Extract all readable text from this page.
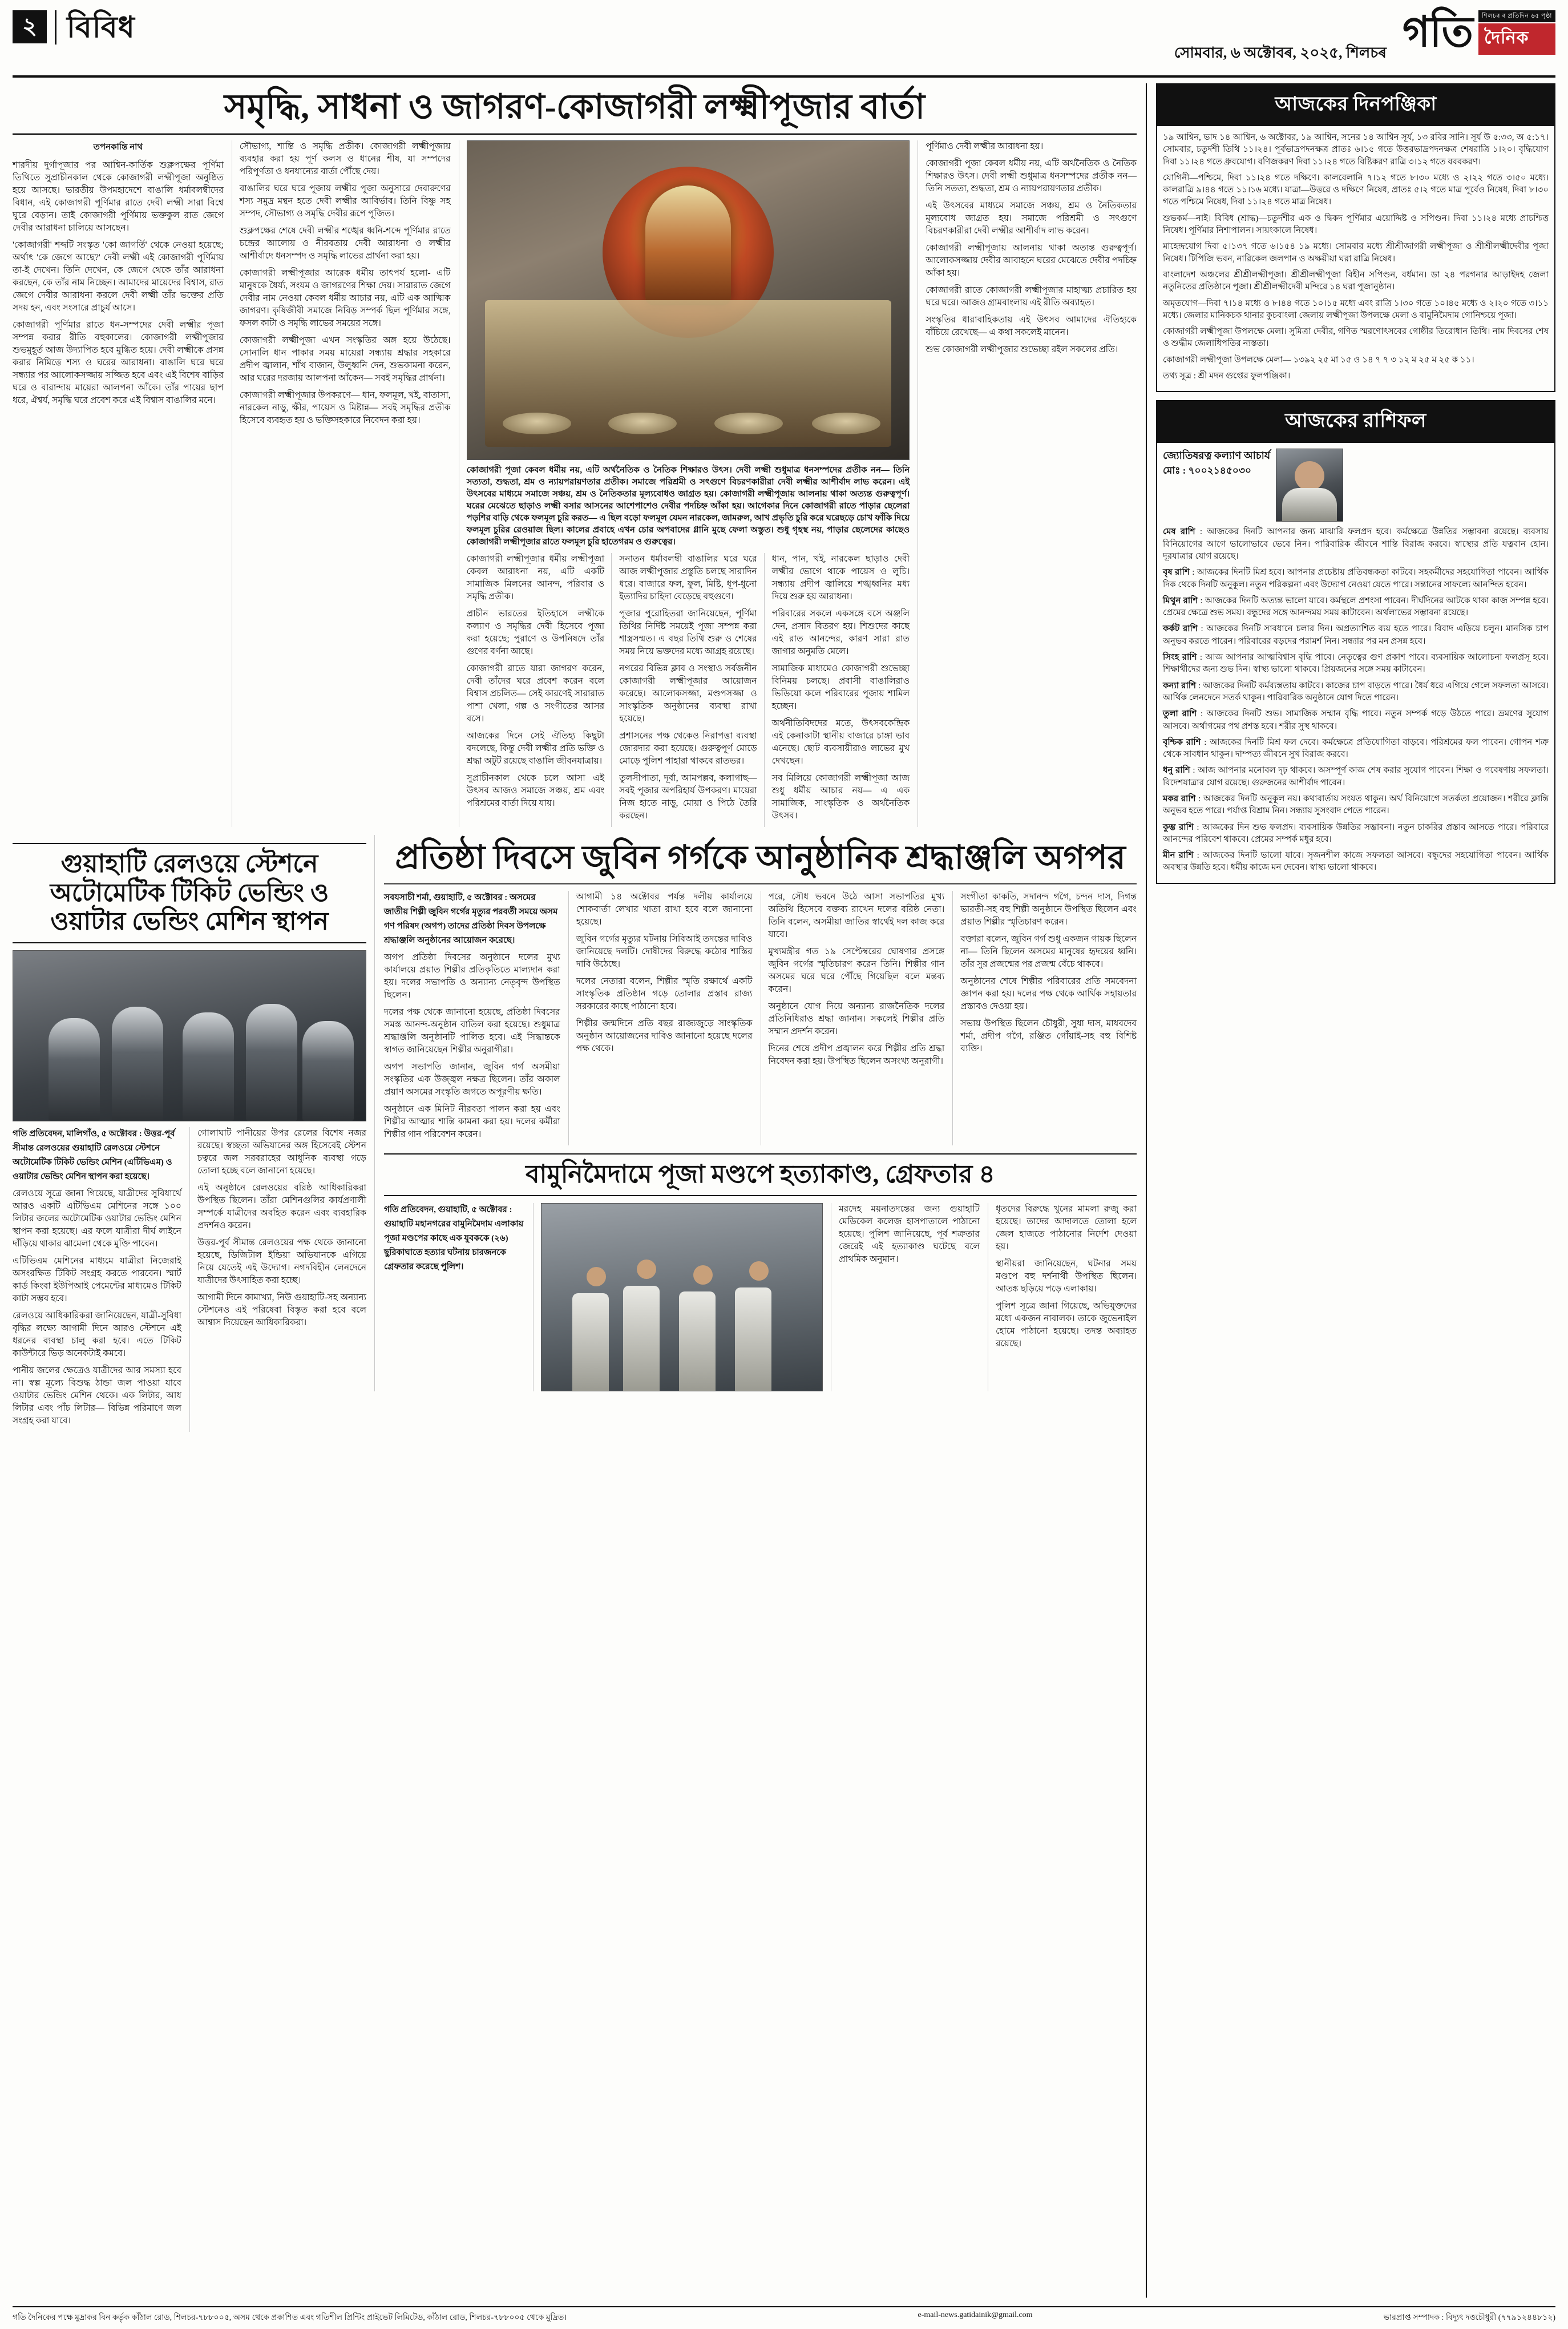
২	বিবিধ
সোমবার, ৬ অক্টোবৰ, ২০২৫, শিলচৰ গতি	শিলচৰ ৰ প্ৰতিদিন ৬৫ পৃষ্ঠা
দৈনিক
সমৃদ্ধি, সাধনা ও জাগরণ-কোজাগরী লক্ষ্মীপূজার বার্তা
তপনকান্তি নাথ

শারদীয় দুর্গাপূজার পর আশ্বিন-কার্তিক শুক্লপক্ষের পূর্ণিমা তিথিতে সুপ্রাচীনকাল থেকে কোজাগরী লক্ষ্মীপূজা অনুষ্ঠিত হয়ে আসছে। ভারতীয় উপমহাদেশে বাঙালি ধর্মাবলম্বীদের বিধান, এই কোজাগরী পূর্ণিমার রাতে দেবী লক্ষ্মী সারা বিশ্বে ঘুরে বেড়ান। তাই কোজাগরী পূর্ণিমায় ভক্তকুল রাত জেগে দেবীর আরাধনা চালিয়ে আসছেন।

'কোজাগরী' শব্দটি সংস্কৃত 'কো জাগর্তি' থেকে নেওয়া হয়েছে; অর্থাৎ 'কে জেগে আছে?' দেবী লক্ষ্মী এই কোজাগরী পূর্ণিমায় তা-ই দেখেন। তিনি দেখেন, কে জেগে থেকে তাঁর আরাধনা করছেন, কে তাঁর নাম নিচ্ছেন। আমাদের মায়েদের বিশ্বাস, রাত জেগে দেবীর আরাধনা করলে দেবী লক্ষ্মী তাঁর ভক্তের প্রতি সদয় হন, এবং সংসারে প্রাচুর্য আসে।

কোজাগরী পূর্ণিমার রাতে ধন-সম্পদের দেবী লক্ষ্মীর পূজা সম্পন্ন করার রীতি বহুকালের। কোজাগরী লক্ষ্মীপূজার শুভমুহূর্ত আজ উদ্যাপিত হবে মুগ্ধিত হয়ে। দেবী লক্ষ্মীকে প্রসন্ন করার নিমিত্তে শস্য ও ঘরের আরাধনা। বাঙালি ঘরে ঘরে সন্ধ্যার পর আলোকসজ্জায় সজ্জিত হবে এবং এই বিশেষ বাড়ির ঘরে ও বারান্দায় মায়েরা আলপনা আঁকে। তাঁর পায়ের ছাপ ধরে, ঐশ্বর্য, সমৃদ্ধি ঘরে প্রবেশ করে এই বিশ্বাস বাঙালির মনে।

সৌভাগ্য, শান্তি ও সমৃদ্ধি প্রতীক। কোজাগরী লক্ষ্মীপূজায় ব্যবহার করা হয় পূর্ণ কলস ও ধানের শীষ, যা সম্পদের পরিপূর্ণতা ও ধনধান্যের বার্তা পৌঁছে দেয়।

বাঙালির ঘরে ঘরে পূজায় লক্ষ্মীর পূজা অনুসারে দেবারুণের শস্য সমুদ্র মন্থন হতে দেবী লক্ষ্মীর আবির্ভাব। তিনি বিষ্ণু সহ সম্পদ, সৌভাগ্য ও সমৃদ্ধি দেবীর রূপে পূজিত।

শুক্লপক্ষের শেষে দেবী লক্ষ্মীর শঙ্খের ধ্বনি-শব্দে পূর্ণিমার রাতে চন্দ্রের আলোয় ও নীরবতায় দেবী আরাধনা ও লক্ষ্মীর আশীর্বাদে ধনসম্পদ ও সমৃদ্ধি লাভের প্রার্থনা করা হয়।

কোজাগরী লক্ষ্মীপূজার আরেক ধর্মীয় তাৎপর্য হলো- এটি মানুষকে ধৈর্য্য, সংযম ও জাগরণের শিক্ষা দেয়। সারারাত জেগে দেবীর নাম নেওয়া কেবল ধর্মীয় আচার নয়, এটি এক আত্মিক জাগরণ। কৃষিজীবী সমাজে নিবিড় সম্পর্ক ছিল পূর্ণিমার সঙ্গে, ফসল কাটা ও সমৃদ্ধি লাভের সময়ের সঙ্গে।

কোজাগরী লক্ষ্মীপূজা এখন সংস্কৃতির অঙ্গ হয়ে উঠেছে। সোনালি ধান পাকার সময় মায়েরা সন্ধ্যায় শ্রদ্ধার সহকারে প্রদীপ জ্বালান, শাঁখ বাজান, উলুধ্বনি দেন, শুভকামনা করেন, আর ঘরের দরজায় আলপনা আঁকেন— সবই সমৃদ্ধির প্রার্থনা।

কোজাগরী লক্ষ্মীপূজার উপকরণে— ধান, ফলমূল, খই, বাতাসা, নারকেল নাড়ু, ক্ষীর, পায়েস ও মিষ্টান্ন— সবই সমৃদ্ধির প্রতীক হিসেবে ব্যবহৃত হয় ও ভক্তিসহকারে নিবেদন করা হয়।

কোজাগরী পূজা কেবল ধর্মীয় নয়, এটি অর্থনৈতিক ও নৈতিক শিক্ষারও উৎস। দেবী লক্ষ্মী শুধুমাত্র ধনসম্পদের প্রতীক নন— তিনি সত্যতা, শুদ্ধতা, শ্রম ও ন্যায়পরায়ণতার প্রতীক। সমাজে পরিশ্রমী ও সৎগুণে বিচরণকারীরা দেবী লক্ষ্মীর আশীর্বাদ লাভ করেন। এই উৎসবের মাধ্যমে সমাজে সঞ্চয়, শ্রম ও নৈতিকতার মূল্যবোধও জাগ্রত হয়। কোজাগরী লক্ষ্মীপূজায় আলনায় থাকা অত্যন্ত গুরুত্বপূর্ণ। ঘরের মেঝেতে ছাড়াও লক্ষ্মী বসার আসনের আশেপাশেও দেবীর পদচিহ্ন আঁকা হয়। আগেকার দিনে কোজাগরী রাতে পাড়ার ছেলেরা পড়শির বাড়ি থেকে ফলমূল চুরি করত— এ ছিল বড়ো ফলমূল যেমন নারকেল, জামরুল, আখ প্রভৃতি চুরি করে ঘরেছড়ে চোখ ফাঁকি দিয়ে ফলমূল চুরির রেওয়াজ ছিল। কালের প্রবাহে এখন চোর অপবাদের গ্লানি মুছে ফেলা অস্তুত। শুধু গৃহস্থ নয়, পাড়ার ছেলেদের কাছেও কোজাগরী লক্ষ্মীপূজার রাতে ফলমূল চুরি হাতেগরম ও গুরুত্বের।

কোজাগরী লক্ষ্মীপূজার ধর্মীয় লক্ষ্মীপূজা কেবল আরাধনা নয়, এটি একটি সামাজিক মিলনের আনন্দ, পরিবার ও সমৃদ্ধি প্রতীক।

প্রাচীন ভারতের ইতিহাসে লক্ষ্মীকে কল্যাণ ও সমৃদ্ধির দেবী হিসেবে পূজা করা হয়েছে; পুরাণে ও উপনিষদে তাঁর গুণের বর্ণনা আছে।

কোজাগরী রাতে যারা জাগরণ করেন, দেবী তাঁদের ঘরে প্রবেশ করেন বলে বিশ্বাস প্রচলিত— সেই কারণেই সারারাত পাশা খেলা, গল্প ও সংগীতের আসর বসে।

আজকের দিনে সেই ঐতিহ্য কিছুটা বদলেছে, কিন্তু দেবী লক্ষ্মীর প্রতি ভক্তি ও শ্রদ্ধা অটুট রয়েছে বাঙালি জীবনযাত্রায়।

সুপ্রাচীনকাল থেকে চলে আসা এই উৎসব আজও সমাজে সঞ্চয়, শ্রম এবং পরিশ্রমের বার্তা দিয়ে যায়।

সনাতন ধর্মাবলম্বী বাঙালির ঘরে ঘরে আজ লক্ষ্মীপূজার প্রস্তুতি চলছে সারাদিন ধরে। বাজারে ফল, ফুল, মিষ্টি, ধূপ-ধুনো ইত্যাদির চাহিদা বেড়েছে বহুগুণে।

পূজার পুরোহিতরা জানিয়েছেন, পূর্ণিমা তিথির নির্দিষ্ট সময়েই পূজা সম্পন্ন করা শাস্ত্রসম্মত। এ বছর তিথি শুরু ও শেষের সময় নিয়ে ভক্তদের মধ্যে আগ্রহ রয়েছে।

নগরের বিভিন্ন ক্লাব ও সংস্থাও সর্বজনীন কোজাগরী লক্ষ্মীপূজার আয়োজন করেছে। আলোকসজ্জা, মণ্ডপসজ্জা ও সাংস্কৃতিক অনুষ্ঠানের ব্যবস্থা রাখা হয়েছে।

প্রশাসনের পক্ষ থেকেও নিরাপত্তা ব্যবস্থা জোরদার করা হয়েছে। গুরুত্বপূর্ণ মোড়ে মোড়ে পুলিশ পাহারা থাকবে রাতভর।

তুলসীপাতা, দূর্বা, আমপল্লব, কলাগাছ— সবই পূজার অপরিহার্য উপকরণ। মায়েরা নিজ হাতে নাড়ু, মোয়া ও পিঠে তৈরি করছেন।

ধান, পান, খই, নারকেল ছাড়াও দেবী লক্ষ্মীর ভোগে থাকে পায়েস ও লুচি। সন্ধ্যায় প্রদীপ জ্বালিয়ে শঙ্খধ্বনির মধ্য দিয়ে শুরু হয় আরাধনা।

পরিবারের সকলে একসঙ্গে বসে অঞ্জলি দেন, প্রসাদ বিতরণ হয়। শিশুদের কাছে এই রাত আনন্দের, কারণ সারা রাত জাগার অনুমতি মেলে।

সামাজিক মাধ্যমেও কোজাগরী শুভেচ্ছা বিনিময় চলছে। প্রবাসী বাঙালিরাও ভিডিয়ো কলে পরিবারের পূজায় শামিল হচ্ছেন।

অর্থনীতিবিদদের মতে, উৎসবকেন্দ্রিক এই কেনাকাটা স্থানীয় বাজারে চাঙ্গা ভাব এনেছে। ছোট ব্যবসায়ীরাও লাভের মুখ দেখছেন।

সব মিলিয়ে কোজাগরী লক্ষ্মীপূজা আজ শুধু ধর্মীয় আচার নয়— এ এক সামাজিক, সাংস্কৃতিক ও অর্থনৈতিক উৎসব।

পূর্ণিমাও দেবী লক্ষ্মীর আরাধনা হয়।

কোজাগরী পূজা কেবল ধর্মীয় নয়, এটি অর্থনৈতিক ও নৈতিক শিক্ষারও উৎস। দেবী লক্ষ্মী শুধুমাত্র ধনসম্পদের প্রতীক নন— তিনি সততা, শুদ্ধতা, শ্রম ও ন্যায়পরায়ণতার প্রতীক।

এই উৎসবের মাধ্যমে সমাজে সঞ্চয়, শ্রম ও নৈতিকতার মূল্যবোধ জাগ্রত হয়। সমাজে পরিশ্রমী ও সৎগুণে বিচরণকারীরা দেবী লক্ষ্মীর আশীর্বাদ লাভ করেন।

কোজাগরী লক্ষ্মীপূজায় আলনায় থাকা অত্যন্ত গুরুত্বপূর্ণ। আলোকসজ্জায় দেবীর আবাহনে ঘরের মেঝেতে দেবীর পদচিহ্ন আঁকা হয়।

কোজাগরী রাতে কোজাগরী লক্ষ্মীপূজার মাহাত্ম্য প্রচারিত হয় ঘরে ঘরে। আজও গ্রামবাংলায় এই রীতি অব্যাহত।

সংস্কৃতির ধারাবাহিকতায় এই উৎসব আমাদের ঐতিহ্যকে বাঁচিয়ে রেখেছে— এ কথা সকলেই মানেন।

শুভ কোজাগরী লক্ষ্মীপূজার শুভেচ্ছা রইল সকলের প্রতি।

গুয়াহাটি রেলওয়ে স্টেশনে অটোমেটিক টিকিট ভেন্ডিং ও ওয়াটার ভেন্ডিং মেশিন স্থাপন
গতি প্রতিবেদন, মালিগাঁও, ৫ অক্টোবর : উত্তর-পূর্ব সীমান্ত রেলওয়ের গুয়াহাটি রেলওয়ে স্টেশনে অটোমেটিক টিকিট ভেন্ডিং মেশিন (এটিভিএম) ও ওয়াটার ভেন্ডিং মেশিন স্থাপন করা হয়েছে।

রেলওয়ে সূত্রে জানা গিয়েছে, যাত্রীদের সুবিধার্থে আরও একটি এটিভিএম মেশিনের সঙ্গে ১০০ লিটার জলের অটোমেটিক ওয়াটার ভেন্ডিং মেশিন স্থাপন করা হয়েছে। এর ফলে যাত্রীরা দীর্ঘ লাইনে দাঁড়িয়ে থাকার ঝামেলা থেকে মুক্তি পাবেন।

এটিভিএম মেশিনের মাধ্যমে যাত্রীরা নিজেরাই অসংরক্ষিত টিকিট সংগ্রহ করতে পারবেন। স্মার্ট কার্ড কিংবা ইউপিআই পেমেন্টের মাধ্যমেও টিকিট কাটা সম্ভব হবে।

রেলওয়ে আধিকারিকরা জানিয়েছেন, যাত্রী-সুবিধা বৃদ্ধির লক্ষ্যে আগামী দিনে আরও স্টেশনে এই ধরনের ব্যবস্থা চালু করা হবে। এতে টিকিট কাউন্টারে ভিড় অনেকটাই কমবে।

পানীয় জলের ক্ষেত্রেও যাত্রীদের আর সমস্যা হবে না। স্বল্প মূল্যে বিশুদ্ধ ঠান্ডা জল পাওয়া যাবে ওয়াটার ভেন্ডিং মেশিন থেকে। এক লিটার, আধ লিটার এবং পাঁচ লিটার— বিভিন্ন পরিমাণে জল সংগ্রহ করা যাবে।

গোলাঘাট পানীয়ের উপর রেলের বিশেষ নজর রয়েছে। স্বচ্ছতা অভিযানের অঙ্গ হিসেবেই স্টেশন চত্বরে জল সরবরাহের আধুনিক ব্যবস্থা গড়ে তোলা হচ্ছে বলে জানানো হয়েছে।

এই অনুষ্ঠানে রেলওয়ের বরিষ্ঠ আধিকারিকরা উপস্থিত ছিলেন। তাঁরা মেশিনগুলির কার্যপ্রণালী সম্পর্কে যাত্রীদের অবহিত করেন এবং ব্যবহারিক প্রদর্শনও করেন।

উত্তর-পূর্ব সীমান্ত রেলওয়ের পক্ষ থেকে জানানো হয়েছে, ডিজিটাল ইন্ডিয়া অভিযানকে এগিয়ে নিয়ে যেতেই এই উদ্যোগ। নগদবিহীন লেনদেনে যাত্রীদের উৎসাহিত করা হচ্ছে।

আগামী দিনে কামাখ্যা, নিউ গুয়াহাটি-সহ অন্যান্য স্টেশনেও এই পরিষেবা বিস্তৃত করা হবে বলে আশ্বাস দিয়েছেন আধিকারিকরা।

প্রতিষ্ঠা দিবসে জুবিন গর্গকে আনুষ্ঠানিক শ্রদ্ধাঞ্জলি অগপর
সবযসাচী শর্মা, গুয়াহাটি, ৫ অক্টোবর : অসমের জাতীয় শিল্পী জুবিন গর্গের মৃত্যুর পরবর্তী সময়ে অসম গণ পরিষদ (অগপ) তাদের প্রতিষ্ঠা দিবস উপলক্ষে শ্রদ্ধাঞ্জলি অনুষ্ঠানের আয়োজন করেছে।

অগপ প্রতিষ্ঠা দিবসের অনুষ্ঠানে দলের মুখ্য কার্যালয়ে প্রয়াত শিল্পীর প্রতিকৃতিতে মাল্যদান করা হয়। দলের সভাপতি ও অন্যান্য নেতৃবৃন্দ উপস্থিত ছিলেন।

দলের পক্ষ থেকে জানানো হয়েছে, প্রতিষ্ঠা দিবসের সমস্ত আনন্দ-অনুষ্ঠান বাতিল করা হয়েছে। শুধুমাত্র শ্রদ্ধাঞ্জলি অনুষ্ঠানটি পালিত হবে। এই সিদ্ধান্তকে স্বাগত জানিয়েছেন শিল্পীর অনুরাগীরা।

অগপ সভাপতি জানান, জুবিন গর্গ অসমীয়া সংস্কৃতির এক উজ্জ্বল নক্ষত্র ছিলেন। তাঁর অকাল প্রয়াণ অসমের সংস্কৃতি জগতে অপূরণীয় ক্ষতি।

অনুষ্ঠানে এক মিনিট নীরবতা পালন করা হয় এবং শিল্পীর আত্মার শান্তি কামনা করা হয়। দলের কর্মীরা শিল্পীর গান পরিবেশন করেন।

আগামী ১৪ অক্টোবর পর্যন্ত দলীয় কার্যালয়ে শোকবার্তা লেখার খাতা রাখা হবে বলে জানানো হয়েছে।

জুবিন গর্গের মৃত্যুর ঘটনায় সিবিআই তদন্তের দাবিও জানিয়েছে দলটি। দোষীদের বিরুদ্ধে কঠোর শাস্তির দাবি উঠেছে।

দলের নেতারা বলেন, শিল্পীর স্মৃতি রক্ষার্থে একটি সাংস্কৃতিক প্রতিষ্ঠান গড়ে তোলার প্রস্তাব রাজ্য সরকারের কাছে পাঠানো হবে।

শিল্পীর জন্মদিনে প্রতি বছর রাজ্যজুড়ে সাংস্কৃতিক অনুষ্ঠান আয়োজনের দাবিও জানানো হয়েছে দলের পক্ষ থেকে।

পরে, সৌধ ভবনে উঠে আসা সভাপতির মুখ্য অতিথি হিসেবে বক্তব্য রাখেন দলের বরিষ্ঠ নেতা। তিনি বলেন, অসমীয়া জাতির স্বার্থেই দল কাজ করে যাবে।

মুখ্যমন্ত্রীর গত ১৯ সেপ্টেম্বরের ঘোষণার প্রসঙ্গে জুবিন গর্গের স্মৃতিচারণ করেন তিনি। শিল্পীর গান অসমের ঘরে ঘরে পৌঁছে গিয়েছিল বলে মন্তব্য করেন।

অনুষ্ঠানে যোগ দিয়ে অন্যান্য রাজনৈতিক দলের প্রতিনিধিরাও শ্রদ্ধা জানান। সকলেই শিল্পীর প্রতি সম্মান প্রদর্শন করেন।

দিনের শেষে প্রদীপ প্রজ্বালন করে শিল্পীর প্রতি শ্রদ্ধা নিবেদন করা হয়। উপস্থিত ছিলেন অসংখ্য অনুরাগী।

সংগীতা কাকতি, সদানন্দ গগৈ, চন্দন দাস, দিগন্ত ভারতী-সহ বহু শিল্পী অনুষ্ঠানে উপস্থিত ছিলেন এবং প্রয়াত শিল্পীর স্মৃতিচারণ করেন।

বক্তারা বলেন, জুবিন গর্গ শুধু একজন গায়ক ছিলেন না— তিনি ছিলেন অসমের মানুষের হৃদয়ের ধ্বনি। তাঁর সুর প্রজন্মের পর প্রজন্ম বেঁচে থাকবে।

অনুষ্ঠানের শেষে শিল্পীর পরিবারের প্রতি সমবেদনা জ্ঞাপন করা হয়। দলের পক্ষ থেকে আর্থিক সহায়তার প্রস্তাবও দেওয়া হয়।

সভায় উপস্থিত ছিলেন চৌধুরী, সুধা দাস, মাধবদেব শর্মা, প্রদীপ গগৈ, রঞ্জিত গোঁয়াই-সহ বহু বিশিষ্ট ব্যক্তি।

বামুনিমৈদামে পূজা মণ্ডপে হত্যাকাণ্ড, গ্রেফতার ৪
গতি প্রতিবেদন, গুয়াহাটি, ৫ অক্টোবর : গুয়াহাটি মহানগরের বামুনিমৈদাম এলাকায় পূজা মণ্ডপের কাছে এক যুবককে (২৬) ছুরিকাঘাতে হত্যার ঘটনায় চারজনকে গ্রেফতার করেছে পুলিশ।

মরদেহ ময়নাতদন্তের জন্য গুয়াহাটি মেডিকেল কলেজ হাসপাতালে পাঠানো হয়েছে। পুলিশ জানিয়েছে, পূর্ব শত্রুতার জেরেই এই হত্যাকাণ্ড ঘটেছে বলে প্রাথমিক অনুমান।

ধৃতদের বিরুদ্ধে খুনের মামলা রুজু করা হয়েছে। তাদের আদালতে তোলা হলে জেল হাজতে পাঠানোর নির্দেশ দেওয়া হয়।

স্থানীয়রা জানিয়েছেন, ঘটনার সময় মণ্ডপে বহু দর্শনার্থী উপস্থিত ছিলেন। আতঙ্ক ছড়িয়ে পড়ে এলাকায়।

পুলিশ সূত্রে জানা গিয়েছে, অভিযুক্তদের মধ্যে একজন নাবালক। তাকে জুভেনাইল হোমে পাঠানো হয়েছে। তদন্ত অব্যাহত রয়েছে।

আজকের দিনপঞ্জিকা

১৯ আশ্বিন, ভাদ ১৪ আশ্বিন, ৬ অক্টোবর, ১৯ আশ্বিন, সনের ১৪ আশ্বিন সূর্য, ১৩ রবির সানি। সূর্য উ ৫:৩৩, অ ৫:১৭। সোমবার, চতুর্দশী তিথি ১১।২৪। পূর্বভাদ্রপদনক্ষত্র প্রাতঃ ৬।১৫ গতে উত্তরভাদ্রপদনক্ষত্র শেষরাত্রি ১।২০। বৃদ্ধিযোগ দিবা ১১।২৪ গতে ধ্রুবযোগ। বণিজকরণ দিবা ১১।২৪ গতে বিষ্টিকরণ রাত্রি ৩।১২ গতে বববকরণ।

যোগিনী—পশ্চিমে, দিবা ১১।২৪ গতে দক্ষিণে। কালবেলানি ৭।১২ গতে ৮।৩০ মধ্যে ও ২।২২ গতে ৩।৫০ মধ্যে। কালরাত্রি ৯।৪৪ গতে ১১।১৬ মধ্যে। যাত্রা—উত্তরে ও দক্ষিণে নিষেধ, প্রাতঃ ৫।২ গতে মাত্র পূর্বেও নিষেধ, দিবা ৮।৩০ গতে পশ্চিমে নিষেধ, দিবা ১১।২৪ গতে মাত্র নিষেধ।

শুভকর্ম—নাই। বিবিধ (শ্রাদ্ধ)—চতুর্দশীর এক ও দ্বিকদ পূর্ণিমার এয়োদ্দিষ্ট ও সপিণ্ডন। দিবা ১১।২৪ মধ্যে প্রাচশ্চিত্ত নিষেধ। পূর্ণিমার নিশাপালন। সায়ংকালে নিষেধ।

মাহেন্দ্রযোগ দিবা ৫।১৩৭ গতে ৬।১৫৪ ১৯ মধ্যে। সোমবার মধ্যে শ্রীশ্রীজাগরী লক্ষ্মীপূজা ও শ্রীশ্রীলক্ষ্মীদেবীর পূজা নিষেধ। টিপিজি ভবন, নারিকেল জলপান ও অক্ষয়ীয়া ঘরা রাত্রি নিষেধ।

বাংলাদেশ অঞ্চলের শ্রীশ্রীলক্ষ্মীপূজা। শ্রীশ্রীলক্ষ্মীপূজা বিহীন সপিণ্ডন, বর্ধমান। ডা ২৪ পরগনার আড়াইদহ জেলা নতুনিতের প্রতিষ্ঠানে পূজা। শ্রীশ্রীলক্ষ্মীদেবী মন্দিরে ১৪ ঘরা পূজানুষ্ঠান।

অমৃতযোগ—দিবা ৭।১৪ মধ্যে ও ৮।৪৪ গতে ১০।১৫ মধ্যে এবং রাত্রি ১।৩০ গতে ১০।৪৫ মধ্যে ও ২।২০ গতে ৩।১১ মধ্যে। জেলার মানিকচক থানার কুচবাংলা জেলায় লক্ষ্মীপূজা উপলক্ষে মেলা ও বামুনিমৈদাম গোনিশ্চয়ে পূজা।

কোজাগরী লক্ষ্মীপূজা উপলক্ষে মেলা। সুমিত্রা দেবীর, গণিত স্মরণোৎসবের গোষ্ঠীর তিরোধান তিথি। নাম দিবসের শেষ ও শুদ্ধীম জেলাধিপতির ন্যস্ততা।

কোজাগরী লক্ষ্মীপূজা উপলক্ষে মেলা— ১৩৯২ ২৫ মা ১৫ ও ১৪ ৭ ৭ ৩ ১২ ম ২৫ ম ২৫ ক ১১।

তথ্য সূত্র : শ্রী মদন গুপ্তের ফুলপঞ্জিকা।

আজকের রাশিফল
জ্যোতিষরত্ন কল্যাণ আচার্য
মোঃ : ৭০০২১৪৫০৩০

মেষ রাশি : আজকের দিনটি আপনার জন্য মাঝারি ফলপ্রদ হবে। কর্মক্ষেত্রে উন্নতির সম্ভাবনা রয়েছে। ব্যবসায় বিনিয়োগের আগে ভালোভাবে ভেবে নিন। পারিবারিক জীবনে শান্তি বিরাজ করবে। স্বাস্থ্যের প্রতি যত্নবান হোন। দূরযাত্রার যোগ রয়েছে।

বৃষ রাশি : আজকের দিনটি মিশ্র হবে। আপনার প্রচেষ্টায় প্রতিবন্ধকতা কাটবে। সহকর্মীদের সহযোগিতা পাবেন। আর্থিক দিক থেকে দিনটি অনুকূল। নতুন পরিকল্পনা এবং উদ্যোগ নেওয়া যেতে পারে। সন্তানের সাফল্যে আনন্দিত হবেন।

মিথুন রাশি : আজকের দিনটি অত্যন্ত ভালো যাবে। কর্মস্থলে প্রশংসা পাবেন। দীর্ঘদিনের আটকে থাকা কাজ সম্পন্ন হবে। প্রেমের ক্ষেত্রে শুভ সময়। বন্ধুদের সঙ্গে আনন্দময় সময় কাটাবেন। অর্থলাভের সম্ভাবনা রয়েছে।

কর্কট রাশি : আজকের দিনটি সাবধানে চলার দিন। অপ্রত্যাশিত ব্যয় হতে পারে। বিবাদ এড়িয়ে চলুন। মানসিক চাপ অনুভব করতে পারেন। পরিবারের বড়দের পরামর্শ নিন। সন্ধ্যার পর মন প্রসন্ন হবে।

সিংহ রাশি : আজ আপনার আত্মবিশ্বাস বৃদ্ধি পাবে। নেতৃত্বের গুণ প্রকাশ পাবে। ব্যবসায়িক আলোচনা ফলপ্রসূ হবে। শিক্ষার্থীদের জন্য শুভ দিন। স্বাস্থ্য ভালো থাকবে। প্রিয়জনের সঙ্গে সময় কাটাবেন।

কন্যা রাশি : আজকের দিনটি কর্মব্যস্ততায় কাটবে। কাজের চাপ বাড়তে পারে। ধৈর্য ধরে এগিয়ে গেলে সফলতা আসবে। আর্থিক লেনদেনে সতর্ক থাকুন। পারিবারিক অনুষ্ঠানে যোগ দিতে পারেন।

তুলা রাশি : আজকের দিনটি শুভ। সামাজিক সম্মান বৃদ্ধি পাবে। নতুন সম্পর্ক গড়ে উঠতে পারে। ভ্রমণের সুযোগ আসবে। অর্থাগমের পথ প্রশস্ত হবে। শরীর সুস্থ থাকবে।

বৃশ্চিক রাশি : আজকের দিনটি মিশ্র ফল দেবে। কর্মক্ষেত্রে প্রতিযোগিতা বাড়বে। পরিশ্রমের ফল পাবেন। গোপন শত্রু থেকে সাবধান থাকুন। দাম্পত্য জীবনে সুখ বিরাজ করবে।

ধনু রাশি : আজ আপনার মনোবল দৃঢ় থাকবে। অসম্পূর্ণ কাজ শেষ করার সুযোগ পাবেন। শিক্ষা ও গবেষণায় সফলতা। বিদেশযাত্রার যোগ রয়েছে। গুরুজনের আশীর্বাদ পাবেন।

মকর রাশি : আজকের দিনটি অনুকূল নয়। কথাবার্তায় সংযত থাকুন। অর্থ বিনিয়োগে সতর্কতা প্রয়োজন। শরীরে ক্লান্তি অনুভব হতে পারে। পর্যাপ্ত বিশ্রাম নিন। সন্ধ্যায় সুসংবাদ পেতে পারেন।

কুম্ভ রাশি : আজকের দিন শুভ ফলপ্রদ। ব্যবসায়িক উন্নতির সম্ভাবনা। নতুন চাকরির প্রস্তাব আসতে পারে। পরিবারে আনন্দের পরিবেশ থাকবে। প্রেমের সম্পর্ক মধুর হবে।

মীন রাশি : আজকের দিনটি ভালো যাবে। সৃজনশীল কাজে সফলতা আসবে। বন্ধুদের সহযোগিতা পাবেন। আর্থিক অবস্থার উন্নতি হবে। ধর্মীয় কাজে মন দেবেন। স্বাস্থ্য ভালো থাকবে।

গতি দৈনিকের পক্ষে মুদ্রাকর বিন কর্তৃক কাঁঠাল রোড, শিলচর-৭৮৮০০৫, অসম থেকে প্রকাশিত এবং গতিশীল প্রিন্টিং প্রাইভেট লিমিটেড, কাঁঠাল রোড, শিলচর-৭৮৮০০৫ থেকে মুদ্রিত।	e-mail-news.gatidainik@gmail.com	ভারপ্রাপ্ত সম্পাদক : বিদ্যুৎ দত্তচৌধুরী (৭৭৯১২৪৪৮১২)
